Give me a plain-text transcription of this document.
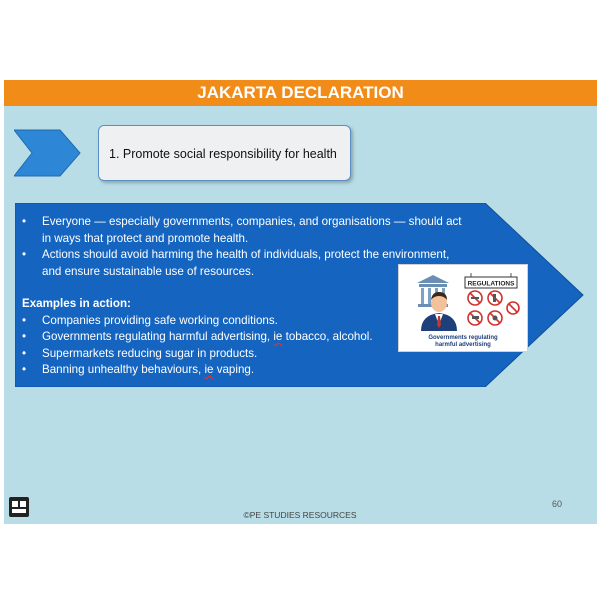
JAKARTA DECLARATION
1. Promote social responsibility for health
• Everyone — especially governments, companies, and organisations — should act in ways that protect and promote health.
• Actions should avoid harming the health of individuals, protect the environment, and ensure sustainable use of resources.
Examples in action:
• Companies providing safe working conditions.
• Governments regulating harmful advertising, ie tobacco, alcohol.
• Supermarkets reducing sugar in products.
• Banning unhealthy behaviours, ie vaping.
REGULATIONS
Governments regulating
harmful advertising
60
©PE STUDIES RESOURCES
